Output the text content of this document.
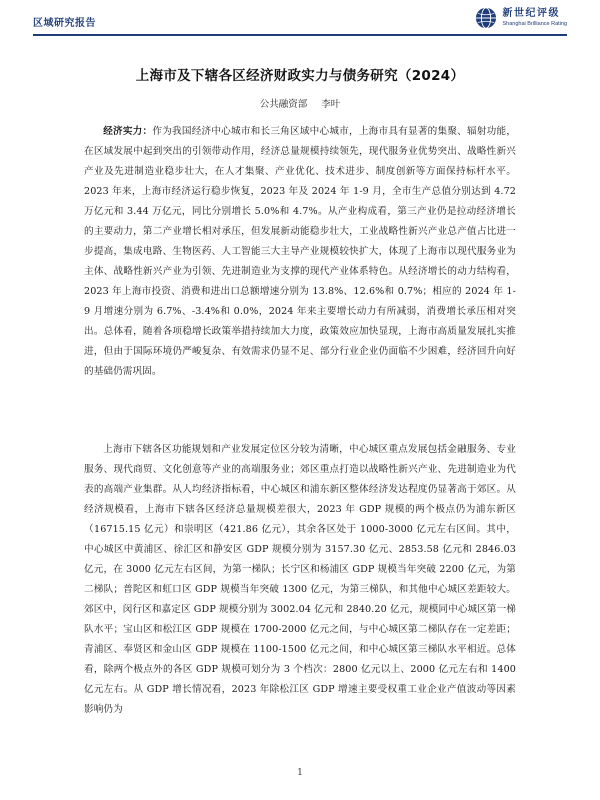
区域研究报告
新世纪评级
Shanghai Brilliance Rating
上海市及下辖各区经济财政实力与债务研究（2024）
公共融资部 李叶

经济实力：作为我国经济中心城市和长三角区域中心城市，上海市具有显著的集聚、辐射功能，在区域发展中起到突出的引领带动作用，经济总量规模持续领先，现代服务业优势突出、战略性新兴产业及先进制造业稳步壮大，在人才集聚、产业优化、技术进步、制度创新等方面保持标杆水平。2023 年来，上海市经济运行稳步恢复，2023 年及 2024 年 1-9 月，全市生产总值分别达到 4.72 万亿元和 3.44 万亿元，同比分别增长 5.0%和 4.7%。从产业构成看，第三产业仍是拉动经济增长的主要动力，第二产业增长相对承压，但发展新动能稳步壮大，工业战略性新兴产业总产值占比进一步提高，集成电路、生物医药、人工智能三大主导产业规模较快扩大，体现了上海市以现代服务业为主体、战略性新兴产业为引领、先进制造业为支撑的现代产业体系特色。从经济增长的动力结构看，2023 年上海市投资、消费和进出口总额增速分别为 13.8%、12.6%和 0.7%；相应的 2024 年 1-9 月增速分别为 6.7%、-3.4%和 0.0%，2024 年来主要增长动力有所减弱，消费增长承压相对突出。总体看，随着各项稳增长政策举措持续加大力度，政策效应加快显现，上海市高质量发展扎实推进，但由于国际环境仍严峻复杂、有效需求仍显不足、部分行业企业仍面临不少困难，经济回升向好的基础仍需巩固。

上海市下辖各区功能规划和产业发展定位区分较为清晰，中心城区重点发展包括金融服务、专业服务、现代商贸、文化创意等产业的高端服务业；郊区重点打造以战略性新兴产业、先进制造业为代表的高端产业集群。从人均经济指标看，中心城区和浦东新区整体经济发达程度仍显著高于郊区。从经济规模看，上海市下辖各区经济总量规模差很大，2023 年 GDP 规模的两个极点仍为浦东新区（16715.15 亿元）和崇明区（421.86 亿元），其余各区处于 1000-3000 亿元左右区间。其中，中心城区中黄浦区、徐汇区和静安区 GDP 规模分别为 3157.30 亿元、2853.58 亿元和 2846.03 亿元，在 3000 亿元左右区间，为第一梯队；长宁区和杨浦区 GDP 规模当年突破 2200 亿元，为第二梯队；普陀区和虹口区 GDP 规模当年突破 1300 亿元，为第三梯队，和其他中心城区差距较大。郊区中，闵行区和嘉定区 GDP 规模分别为 3002.04 亿元和 2840.20 亿元，规模同中心城区第一梯队水平；宝山区和松江区 GDP 规模在 1700-2000 亿元之间，与中心城区第二梯队存在一定差距；青浦区、奉贤区和金山区 GDP 规模在 1100-1500 亿元之间，和中心城区第三梯队水平相近。总体看，除两个极点外的各区 GDP 规模可划分为 3 个档次：2800 亿元以上、2000 亿元左右和 1400 亿元左右。从 GDP 增长情况看，2023 年除松江区 GDP 增速主要受权重工业企业产值波动等因素影响仍为

1
